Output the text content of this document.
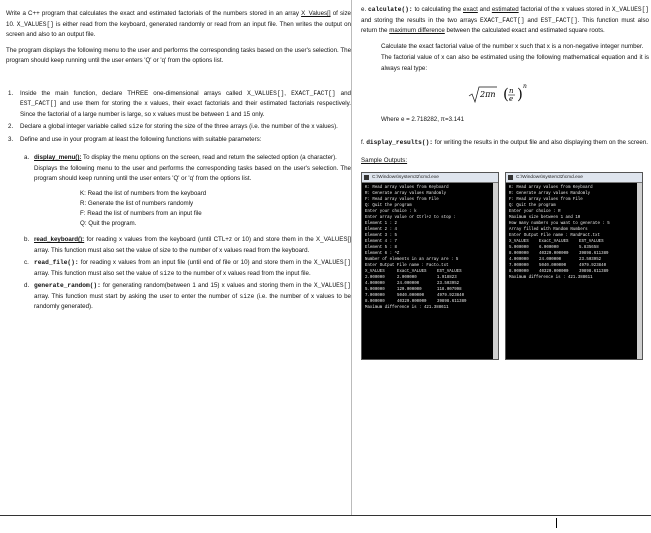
Write a C++ program that calculates the exact and estimated factorials of the numbers stored in an array X_Values[] of size 10. X_VALUES[] is either read from the keyboard, generated randomly or read from an input file. Then writes the output on screen and also to an output file.

The program displays the following menu to the user and performs the corresponding tasks based on the user's selection. The program should keep running until the user enters 'Q' or 'q' from the options list.

1. Inside the main function, declare THREE one-dimensional arrays called X_VALUES[], EXACT_FACT[] and EST_FACT[] and use them for storing the x values, their exact factorials and their estimated factorials respectively. Since the factorial of a large number is large, so x values must be between 1 and 15 only.
2. Declare a global integer variable called size for storing the size of the three arrays (i.e. the number of the x values).
3. Define and use in your program at least the following functions with suitable parameters:
a. display_menu(): To display the menu options on the screen, read and return the selected option (a character).
Displays the following menu to the user and performs the corresponding tasks based on the user's selection. The program should keep running until the user enters 'Q' or 'q' from the options list.
K: Read the list of numbers from the keyboard
R: Generate the list of numbers randomly
F: Read the list of numbers from an input file
Q: Quit the program.
b. read_keyboard(): for reading x values from the keyboard (until CTL+z or 10) and store them in the X_VALUES[] array. This function must also set the value of size to the number of x values read from the keyboard.
c. read_file(): for reading x values from an input file (until end of file or 10) and store them in the X_VALUES[] array. This function must also set the value of size to the number of x values read from the input file.
d. generate_random(): for generating random(between 1 and 15) x values and storing them in the X_VALUES[] array. This function must start by asking the user to enter the number of size (i.e. the number of x values to be randomly generated).

e. calculate(): to calculating the exact and estimated factorial of the x values stored in X_VALUES[] and storing the results in the two arrays EXACT_FACT[] and EST_FACT[]. This function must also return the maximum difference between the calculated exact and estimated square roots.

Calculate the exact factorial value of the number x such that x is a non-negative integer number.

The factorial value of x can also be estimated using the following mathematical equation and it is always real type:

2πn ( n
e ) n

Where e = 2.718282, π=3.141

f. display_results(): for writing the results in the output file and also displaying them on the screen.

Sample Outputs:

C:\Windows\system32\cmd.exe
K: Read array values from Keyboard
R: Generate array values Randomly
F: Read array values from File
Q: Quit the program
Enter your choice : k
Enter array value or Ctrl+z to stop :
Element 1 : 2
Element 2 : 4
Element 3 : 5
Element 4 : 7
Element 5 : 8
Element 6 : ^Z
Number of elements in an array are : 5
Enter Output File name : Facto.txt
X_VALUES	Exact_VALUES	EST_VALUES
2.000000	2.000000	1.918823
4.000000	24.000000	23.503952
5.000000	120.000000	118.007998
7.000000	5040.000000	4979.923840
8.000000	40320.000000	39898.611389
Maximum difference is : 421.388611
C:\Windows\system32\cmd.exe
K: Read array values from Keyboard
R: Generate array values Randomly
F: Read array values from File
Q: Quit the program
Enter your choice : R
Maximum size between 1 and 10
How many numbers you want to generate : 5
Array filled with Random Numbers
Enter Output File name : RandFact.txt
X_VALUES	Exact_VALUES	EST_VALUES
5.000000	6.000000	5.835658
8.000000	40320.000000	39898.611389
4.000000	24.000000	23.503952
7.000000	5040.000000	4979.923840
8.000000	40320.000000	39898.611389
Maximum difference is : 421.388611
